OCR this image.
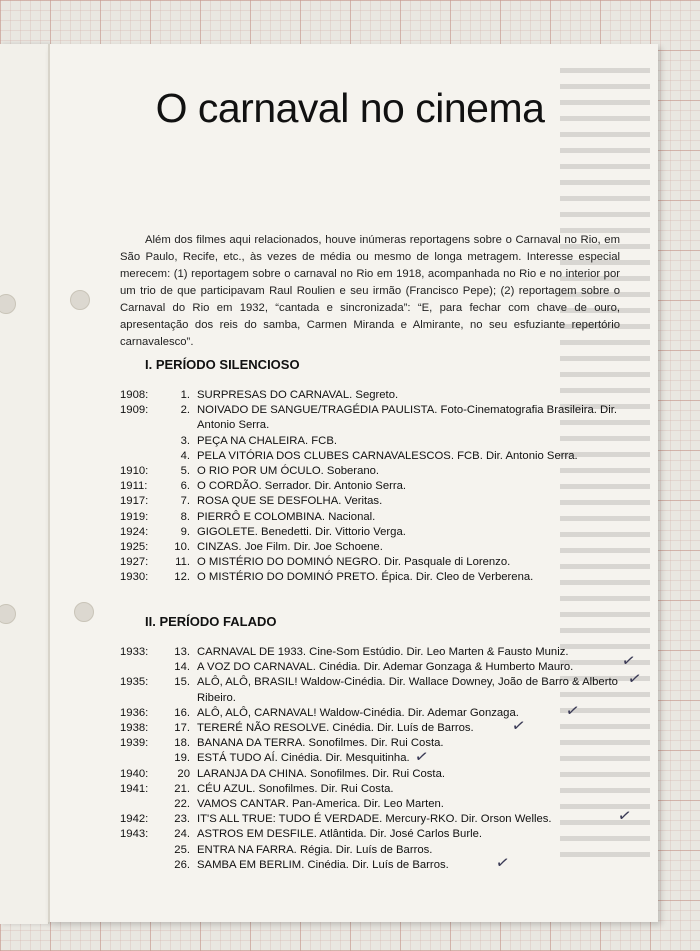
O carnaval no cinema

Além dos filmes aqui relacionados, houve inúmeras reportagens sobre o Carnaval no Rio, em São Paulo, Recife, etc., às vezes de média ou mesmo de longa metragem. Interesse especial merecem: (1) reportagem sobre o carnaval no Rio em 1918, acompanhada no Rio e no interior por um trio de que participavam Raul Roulien e seu irmão (Francisco Pepe); (2) reportagem sobre o Carnaval do Rio em 1932, “cantada e sincronizada”: “E, para fechar com chave de ouro, apresentação dos reis do samba, Carmen Miranda e Almirante, no seu esfuziante repertório carnavalesco”.

I. PERÍODO SILENCIOSO
1908:	1. SURPRESAS DO CARNAVAL. Segreto.
1909:	2. NOIVADO DE SANGUE/TRAGÉDIA PAULISTA. Foto-Cinematografia Brasileira. Dir. Antonio Serra.
3. PEÇA NA CHALEIRA. FCB.
4. PELA VITÓRIA DOS CLUBES CARNAVALESCOS. FCB. Dir. Antonio Serra.
1910:	5. O RIO POR UM ÓCULO. Soberano.
1911:	6. O CORDÃO. Serrador. Dir. Antonio Serra.
1917:	7. ROSA QUE SE DESFOLHA. Veritas.
1919:	8. PIERRÔ E COLOMBINA. Nacional.
1924:	9. GIGOLETE. Benedetti. Dir. Vittorio Verga.
1925:	10. CINZAS. Joe Film. Dir. Joe Schoene.
1927:	11. O MISTÉRIO DO DOMINÓ NEGRO. Dir. Pasquale di Lorenzo.
1930:	12. O MISTÉRIO DO DOMINÓ PRETO. Épica. Dir. Cleo de Verberena.
II. PERÍODO FALADO
1933:	13. CARNAVAL DE 1933. Cine-Som Estúdio. Dir. Leo Marten & Fausto Muniz.
14. A VOZ DO CARNAVAL. Cinédia. Dir. Ademar Gonzaga & Humberto Mauro.
1935:	15. ALÔ, ALÔ, BRASIL! Waldow-Cinédia. Dir. Wallace Downey, João de Barro & Alberto Ribeiro.
1936:	16. ALÔ, ALÔ, CARNAVAL! Waldow-Cinédia. Dir. Ademar Gonzaga.
1938:	17. TERERÉ NÃO RESOLVE. Cinédia. Dir. Luís de Barros.
1939:	18. BANANA DA TERRA. Sonofilmes. Dir. Rui Costa.
19. ESTÁ TUDO AÍ. Cinédia. Dir. Mesquitinha.
1940:	20 LARANJA DA CHINA. Sonofilmes. Dir. Rui Costa.
1941:	21. CÉU AZUL. Sonofilmes. Dir. Rui Costa.
22. VAMOS CANTAR. Pan-America. Dir. Leo Marten.
1942:	23. IT'S ALL TRUE: TUDO É VERDADE. Mercury-RKO. Dir. Orson Welles.
1943:	24. ASTROS EM DESFILE. Atlântida. Dir. José Carlos Burle.
25. ENTRA NA FARRA. Régia. Dir. Luís de Barros.
26. SAMBA EM BERLIM. Cinédia. Dir. Luís de Barros.
✓
✓
✓
✓
✓
✓
✓
